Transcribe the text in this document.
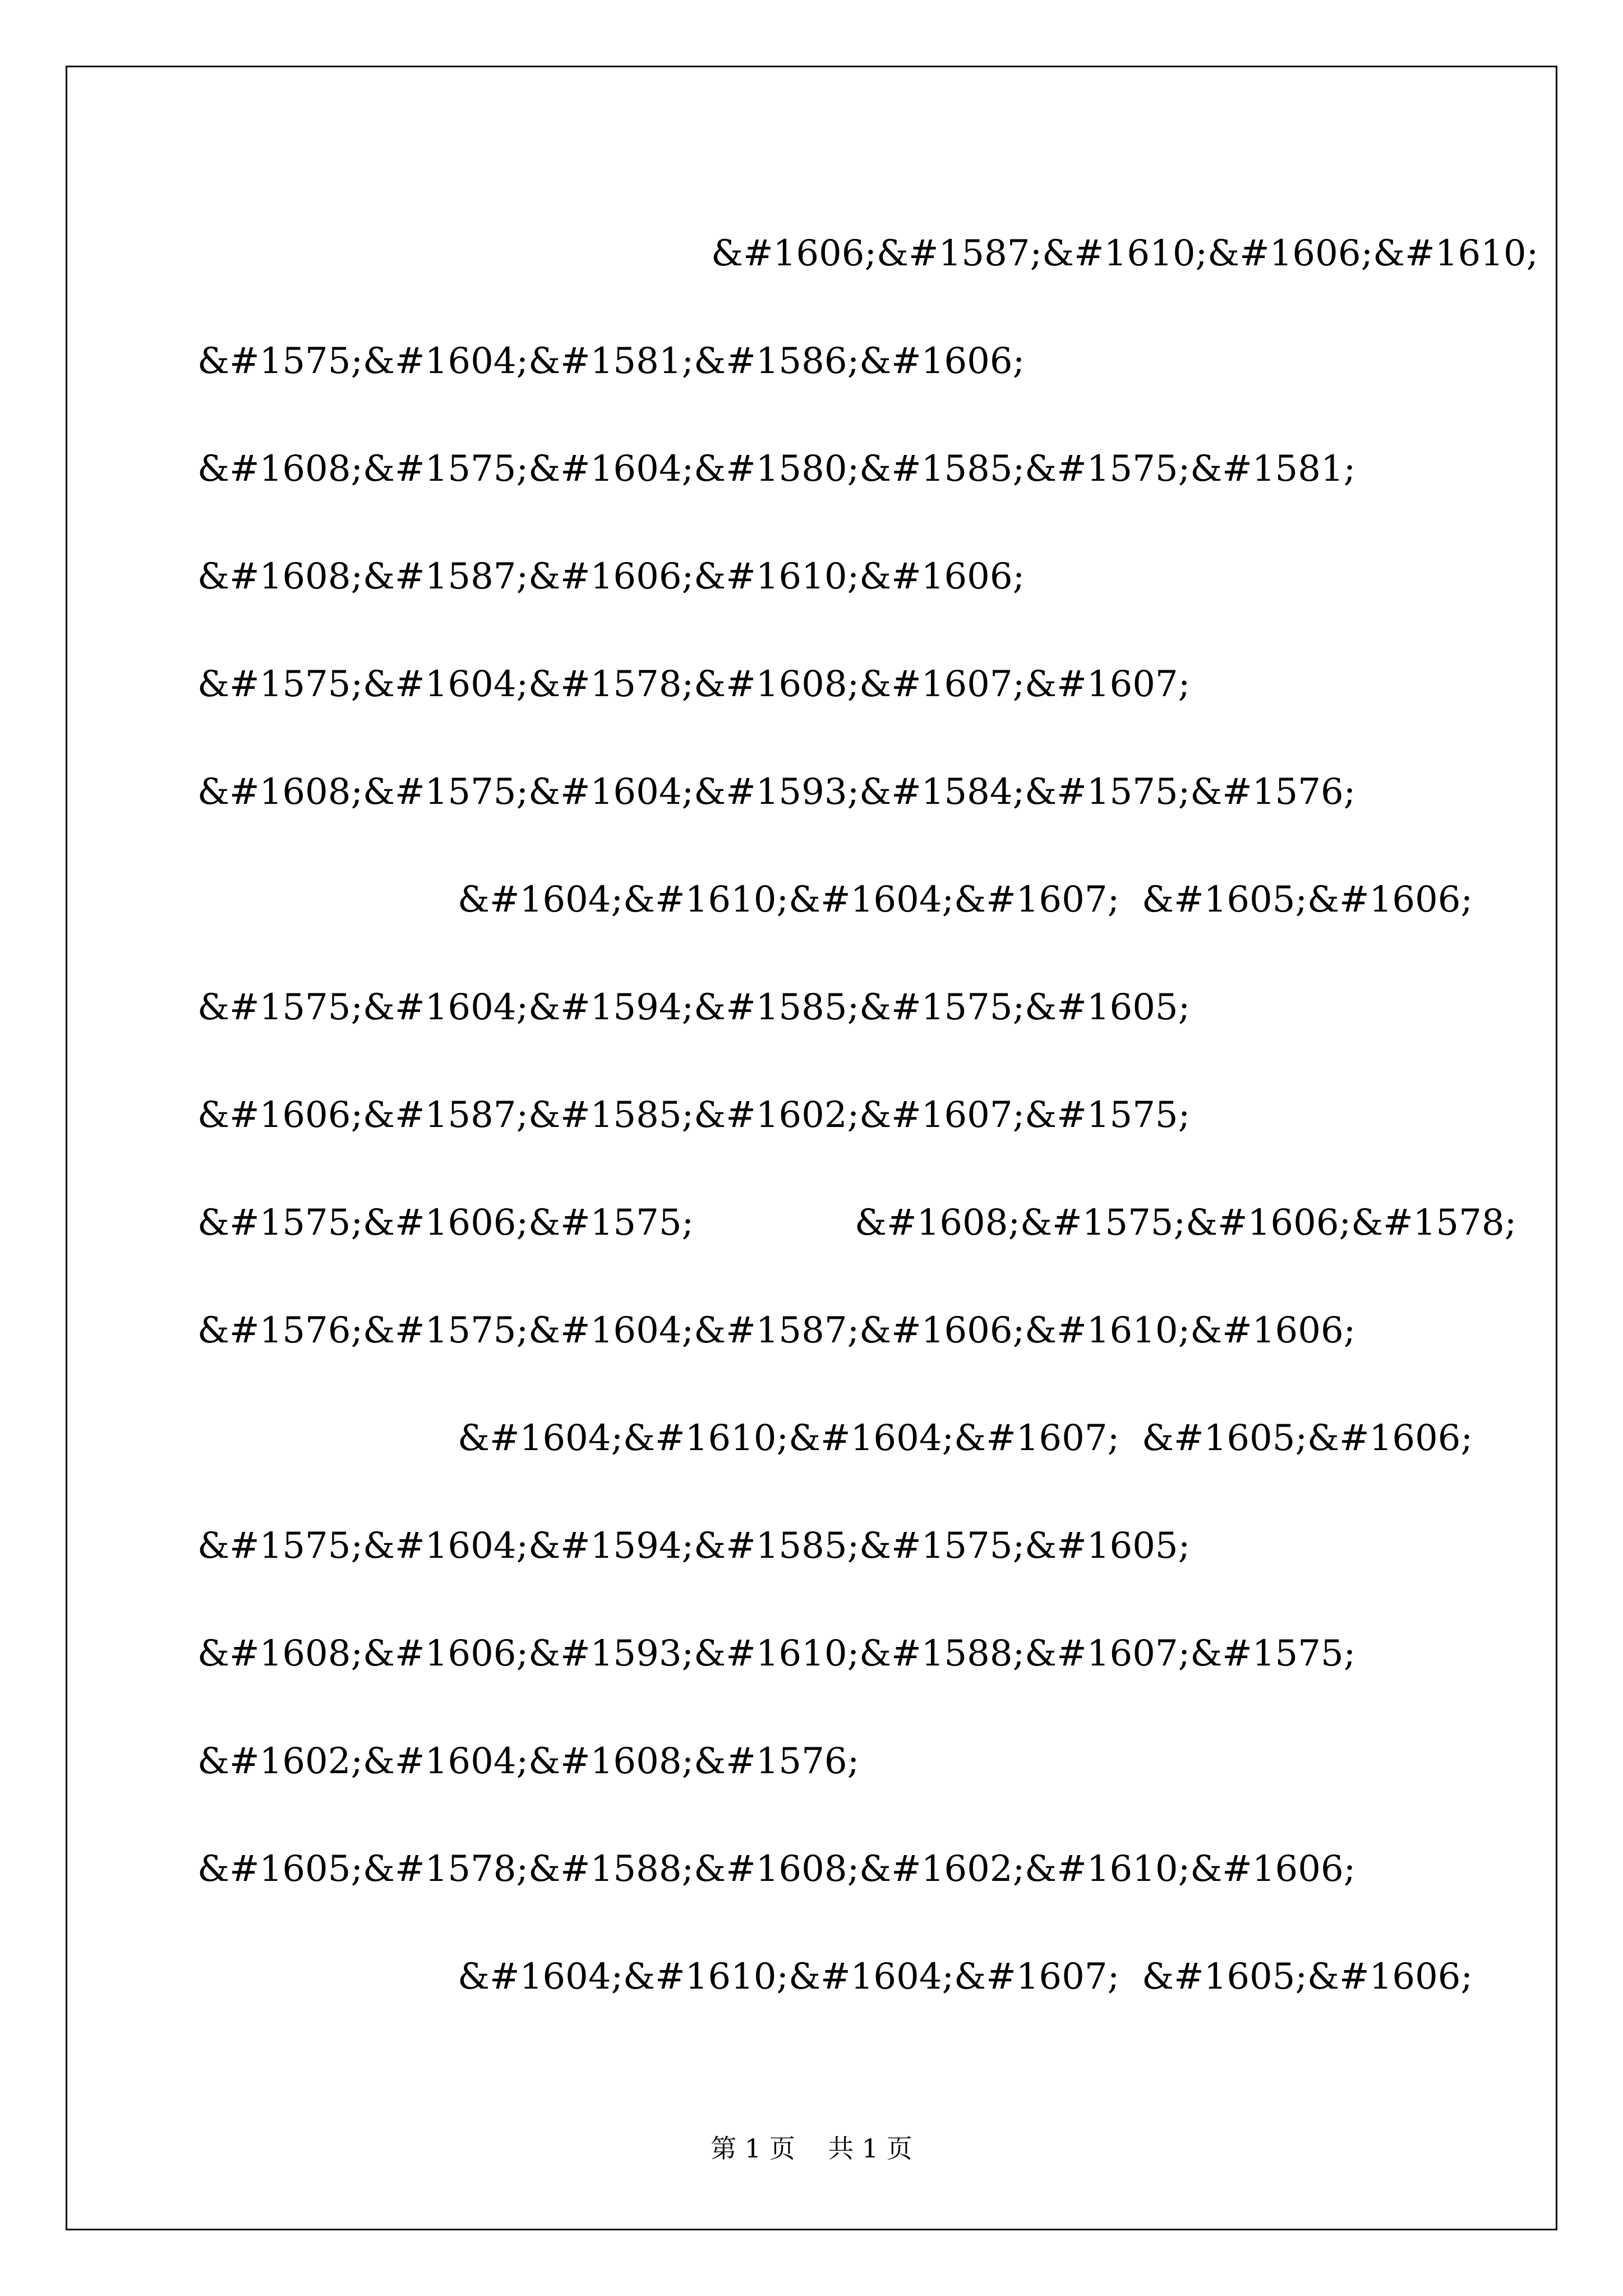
&#1606;&#1587;&#1610;&#1606;&#1610;
&#1575;&#1604;&#1581;&#1586;&#1606;
&#1608;&#1575;&#1604;&#1580;&#1585;&#1575;&#1581;
&#1608;&#1587;&#1606;&#1610;&#1606;
&#1575;&#1604;&#1578;&#1608;&#1607;&#1607;
&#1608;&#1575;&#1604;&#1593;&#1584;&#1575;&#1576;
&#1604;&#1610;&#1604;&#1607; &#1605;&#1606;
&#1575;&#1604;&#1594;&#1585;&#1575;&#1605;
&#1606;&#1587;&#1585;&#1602;&#1607;&#1575;
&#1575;&#1606;&#1575;	&#1608;&#1575;&#1606;&#1578;
&#1576;&#1575;&#1604;&#1587;&#1606;&#1610;&#1606;
&#1604;&#1610;&#1604;&#1607; &#1605;&#1606;
&#1575;&#1604;&#1594;&#1585;&#1575;&#1605;
&#1608;&#1606;&#1593;&#1610;&#1588;&#1607;&#1575;
&#1602;&#1604;&#1608;&#1576;
&#1605;&#1578;&#1588;&#1608;&#1602;&#1610;&#1606;
&#1604;&#1610;&#1604;&#1607; &#1605;&#1606;
第 1 页 共 1 页
